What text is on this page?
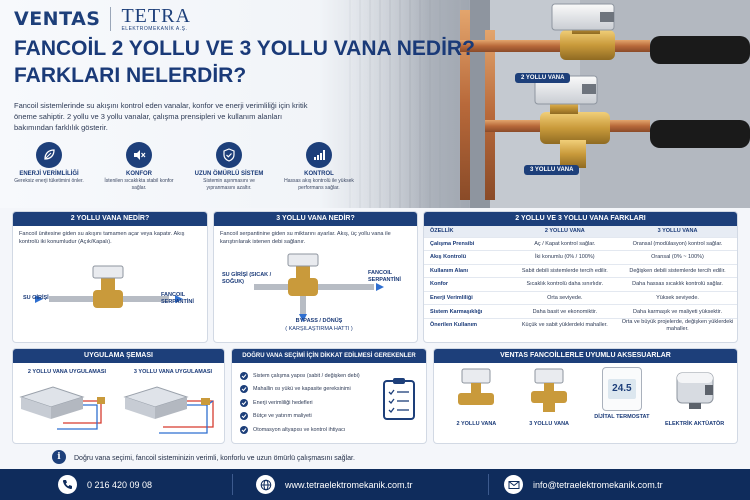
VENTAS TETRA
ELEKTROMEKANİK A.Ş.
FANCOİL 2 YOLLU VE 3 YOLLU VANA NEDİR?
FARKLARI NELERDİR?
Fancoil sistemlerinde su akışını kontrol eden vanalar, konfor ve enerji verimliliği için kritik öneme sahiptir. 2 yollu ve 3 yollu vanalar, çalışma prensipleri ve kullanım alanları bakımından farklılık gösterir.
ENERJİ VERİMLİLİĞİ
Gereksiz enerji tüketimini önler.
KONFOR
İstenilen sıcaklıkta stabil konfor sağlar.
UZUN ÖMÜRLÜ SİSTEM
Sistemin aşınmasını ve yıpranmasını azaltır.
KONTROL
Hassas akış kontrolü ile yüksek performans sağlar.
2 YOLLU VANA
3 YOLLU VANA
2 YOLLU VANA NEDİR?
Fancoil ünitesine giden su akışını tamamen açar veya kapatır. Akış kontrolü iki konumludur (Açık/Kapalı).
SU GİRİŞİ	FANCOIL SERPANTİNİ
3 YOLLU VANA NEDİR?
Fancoil serpantinine giden su miktarını ayarlar. Akış, üç yollu vana ile karıştırılarak istenen debi sağlanır.
SU GİRİŞİ (SICAK / SOĞUK)
FANCOIL SERPANTİNİ
BYPASS / DÖNÜŞ
( KARŞILAŞTIRMA HATTI )
2 YOLLU VE 3 YOLLU VANA FARKLARI
ÖZELLİK	2 YOLLU VANA	3 YOLLU VANA
Çalışma Prensibi	Aç / Kapat kontrol sağlar.	Oransal (modülasyon) kontrol sağlar.
Akış Kontrolü	İki konumlu (0% / 100%)	Oransal (0% ~ 100%)
Kullanım Alanı	Sabit debili sistemlerde tercih edilir.	Değişken debili sistemlerde tercih edilir.
Konfor	Sıcaklık kontrolü daha sınırlıdır.	Daha hassas sıcaklık kontrolü sağlar.
Enerji Verimliliği	Orta seviyede.	Yüksek seviyede.
Sistem Karmaşıklığı	Daha basit ve ekonomiktir.	Daha karmaşık ve maliyeti yüksektir.
Önerilen Kullanım	Küçük ve sabit yüklerdeki mahaller.	Orta ve büyük projelerde, değişken yüklerdeki mahaller.
UYGULAMA ŞEMASI
2 YOLLU VANA UYGULAMASI	3 YOLLU VANA UYGULAMASI
DOĞRU VANA SEÇİMİ İÇİN DİKKAT EDİLMESİ GEREKENLER
Sistem çalışma yapısı (sabit / değişken debi)
Mahallin ısı yükü ve kapasite gereksinimi
Enerji verimliliği hedefleri
Bütçe ve yatırım maliyeti
Otomasyon altyapısı ve kontrol ihtiyacı
VENTAS FANCOİLLERLE UYUMLU AKSESUARLAR
2 YOLLU VANA	3 YOLLU VANA
24.5
DİJİTAL TERMOSTAT
ELEKTRİK AKTÜATÖR
i	Doğru vana seçimi, fancoil sisteminizin verimli, konforlu ve uzun ömürlü çalışmasını sağlar.
0 216 420 09 08	www.tetraelektromekanik.com.tr	info@tetraelektromekanik.com.tr
